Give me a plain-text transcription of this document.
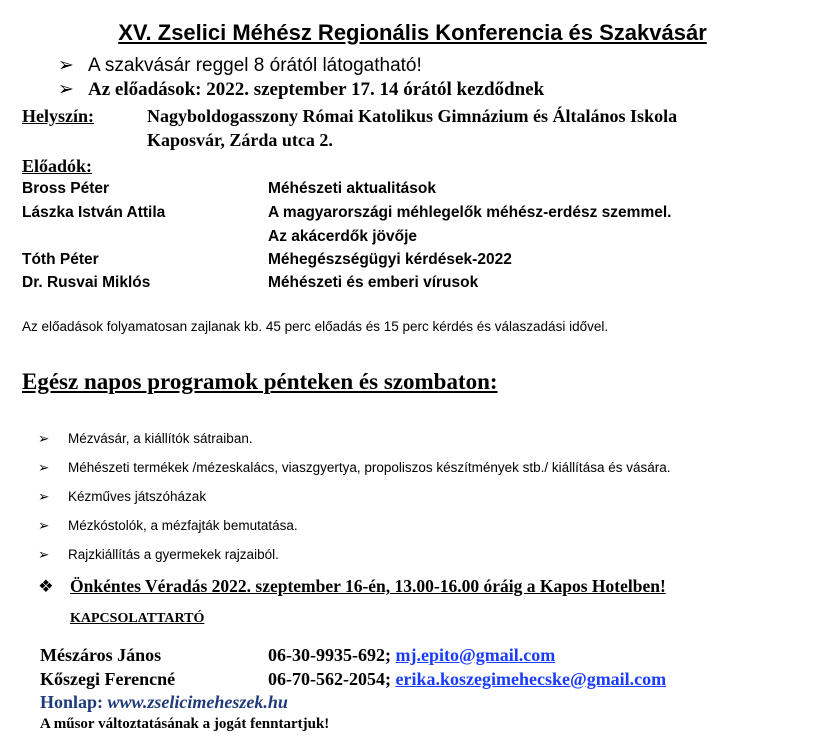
XV. Zselici Méhész Regionális Konferencia és Szakvásár
➢ A szakvásár reggel 8 órától látogatható!
➢ Az előadások: 2022. szeptember 17. 14 órától kezdődnek
Helyszín:	Nagyboldogasszony Római Katolikus Gimnázium és Általános Iskola
Kaposvár, Zárda utca 2.
Előadók:
Bross Péter	Méhészeti aktualitások
Lászka István Attila	A magyarországi méhlegelők méhész-erdész szemmel.
Az akácerdők jövője
Tóth Péter	Méhegészségügyi kérdések-2022
Dr. Rusvai Miklós	Méhészeti és emberi vírusok
Az előadások folyamatosan zajlanak kb. 45 perc előadás és 15 perc kérdés és válaszadási idővel.
Egész napos programok pénteken és szombaton:
➢ Mézvásár, a kiállítók sátraiban.
➢ Méhészeti termékek /mézeskalács, viaszgyertya, propoliszos készítmények stb./ kiállítása és vására.
➢ Kézműves játszóházak
➢ Mézkóstolók, a mézfajták bemutatása.
➢ Rajzkiállítás a gyermekek rajzaiból.
❖ Önkéntes Véradás 2022. szeptember 16-én, 13.00-16.00 óráig a Kapos Hotelben!
KAPCSOLATTARTÓ
Mészáros János	06-30-9935-692; mj.epito@gmail.com
Kőszegi Ferencné	06-70-562-2054; erika.koszegimehecske@gmail.com
Honlap: www.zselicimeheszek.hu
A műsor változtatásának a jogát fenntartjuk!
